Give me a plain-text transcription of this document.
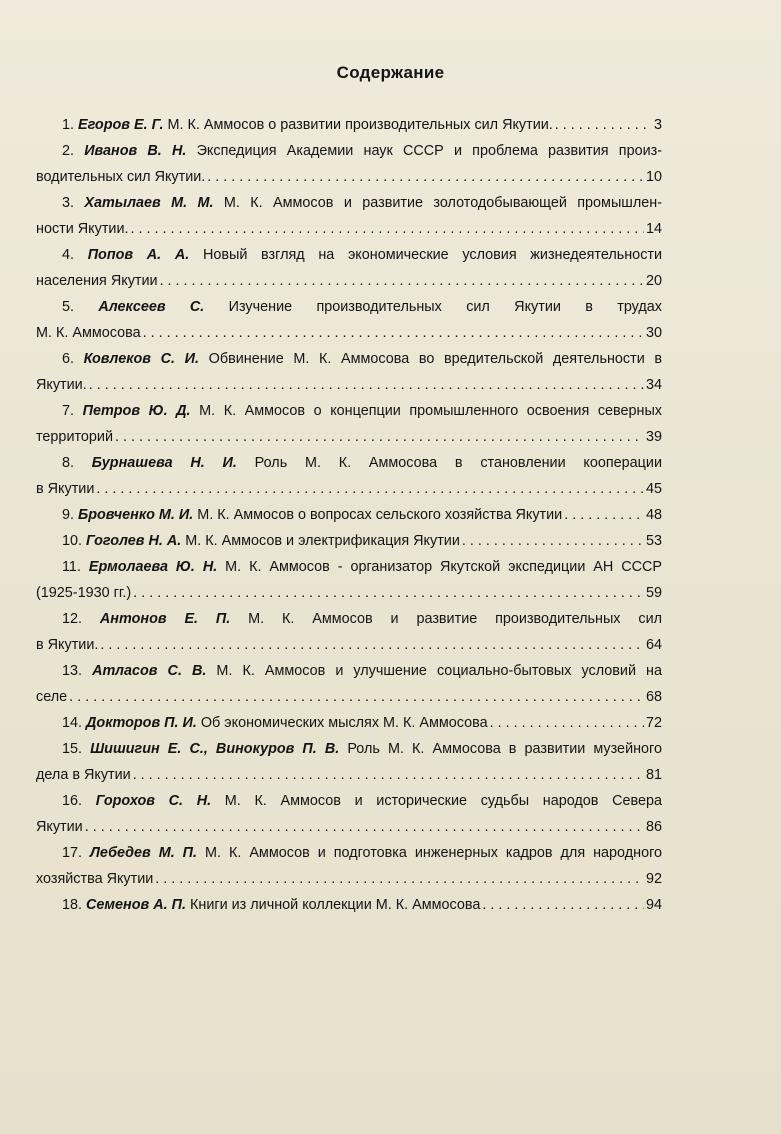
Содержание
1. Егоров Е. Г. М. К. Аммосов о развитии производительных сил Якутии. . . .	3
2. Иванов В. Н. Экспедиция Академии наук СССР и проблема развития произ-
водительных сил Якутии. . . .	10
3. Хатылаев М. М. М. К. Аммосов и развитие золотодобывающей промышлен-
ности Якутии. . . .	14
4. Попов А. А. Новый взгляд на экономические условия жизнедеятельности
населения Якутии . . .	20
5. Алексеев С. Изучение производительных сил Якутии в трудах
М. К. Аммосова . . .	30
6. Ковлеков С. И. Обвинение М. К. Аммосова во вредительской деятельности в
Якутии. . . .	34
7. Петров Ю. Д. М. К. Аммосов о концепции промышленного освоения северных
территорий . . .	39
8. Бурнашева Н. И. Роль М. К. Аммосова в становлении кооперации
в Якутии . . .	45
9. Бровченко М. И. М. К. Аммосов о вопросах сельского хозяйства Якутии . . .	48
10. Гоголев Н. А. М. К. Аммосов и электрификация Якутии . . .	53
11. Ермолаева Ю. Н. М. К. Аммосов - организатор Якутской экспедиции АН СССР
(1925-1930 гг.) . . .	59
12. Антонов Е. П. М. К. Аммосов и развитие производительных сил
в Якутии. . . .	64
13. Атласов С. В. М. К. Аммосов и улучшение социально-бытовых условий на
селе . . .	68
14. Докторов П. И. Об экономических мыслях М. К. Аммосова . . .	72
15. Шишигин Е. С., Винокуров П. В. Роль М. К. Аммосова в развитии музейного
дела в Якутии . . .	81
16. Горохов С. Н. М. К. Аммосов и исторические судьбы народов Севера
Якутии . . .	86
17. Лебедев М. П. М. К. Аммосов и подготовка инженерных кадров для народного
хозяйства Якутии . . .	92
18. Семенов А. П. Книги из личной коллекции М. К. Аммосова . . .	94
